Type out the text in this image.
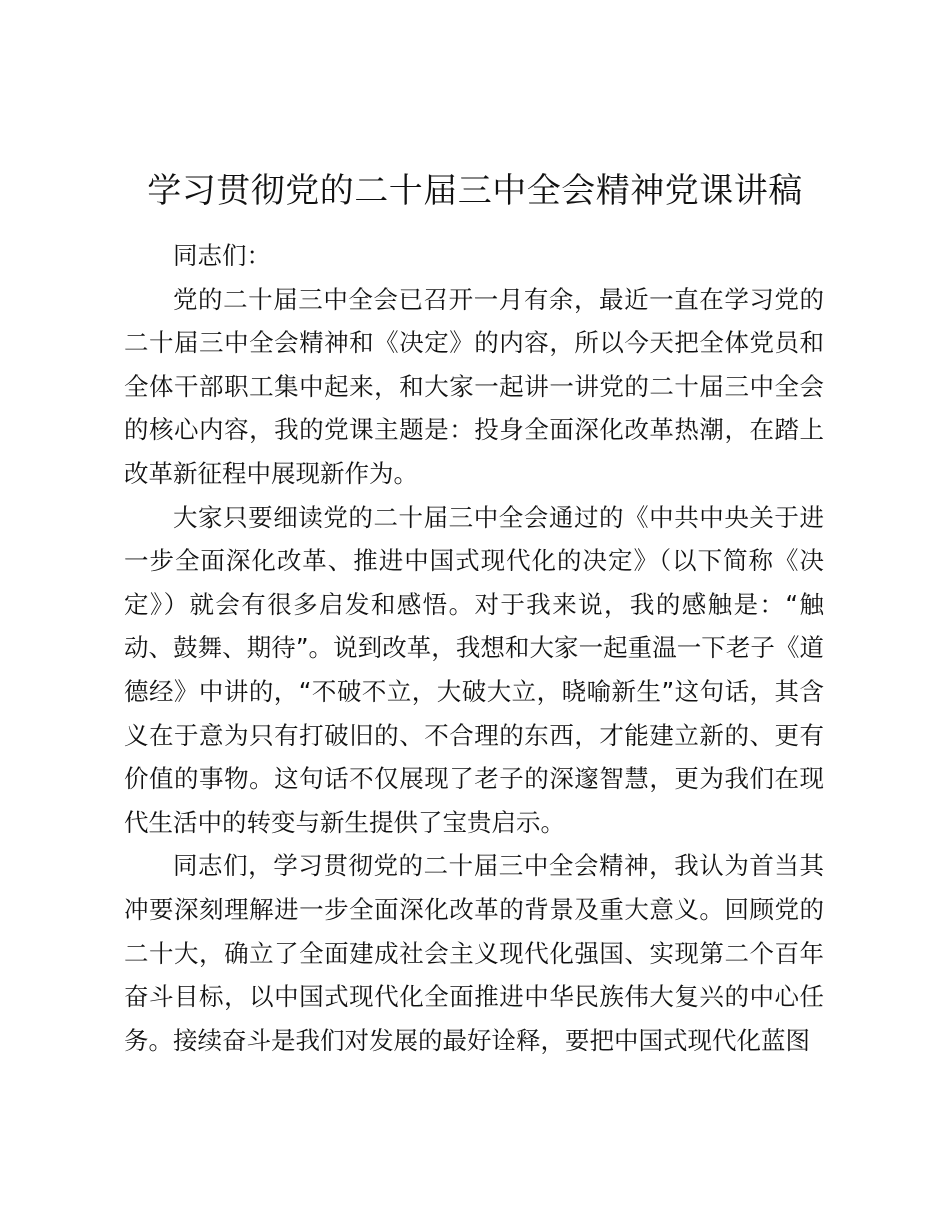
学习贯彻党的二十届三中全会精神党课讲稿

同志们：

党的二十届三中全会已召开一月有余，最近一直在学习党的二十届三中全会精神和《决定》的内容，所以今天把全体党员和全体干部职工集中起来，和大家一起讲一讲党的二十届三中全会的核心内容，我的党课主题是：投身全面深化改革热潮，在踏上改革新征程中展现新作为。

大家只要细读党的二十届三中全会通过的《中共中央关于进一步全面深化改革、推进中国式现代化的决定》（以下简称《决定》）就会有很多启发和感悟。对于我来说，我的感触是：“触动、鼓舞、期待”。说到改革，我想和大家一起重温一下老子《道德经》中讲的，“不破不立，大破大立，晓喻新生”这句话，其含义在于意为只有打破旧的、不合理的东西，才能建立新的、更有价值的事物。这句话不仅展现了老子的深邃智慧，更为我们在现代生活中的转变与新生提供了宝贵启示。

同志们，学习贯彻党的二十届三中全会精神，我认为首当其冲要深刻理解进一步全面深化改革的背景及重大意义。回顾党的二十大，确立了全面建成社会主义现代化强国、实现第二个百年奋斗目标，以中国式现代化全面推进中华民族伟大复兴的中心任务。接续奋斗是我们对发展的最好诠释，要把中国式现代化蓝图
